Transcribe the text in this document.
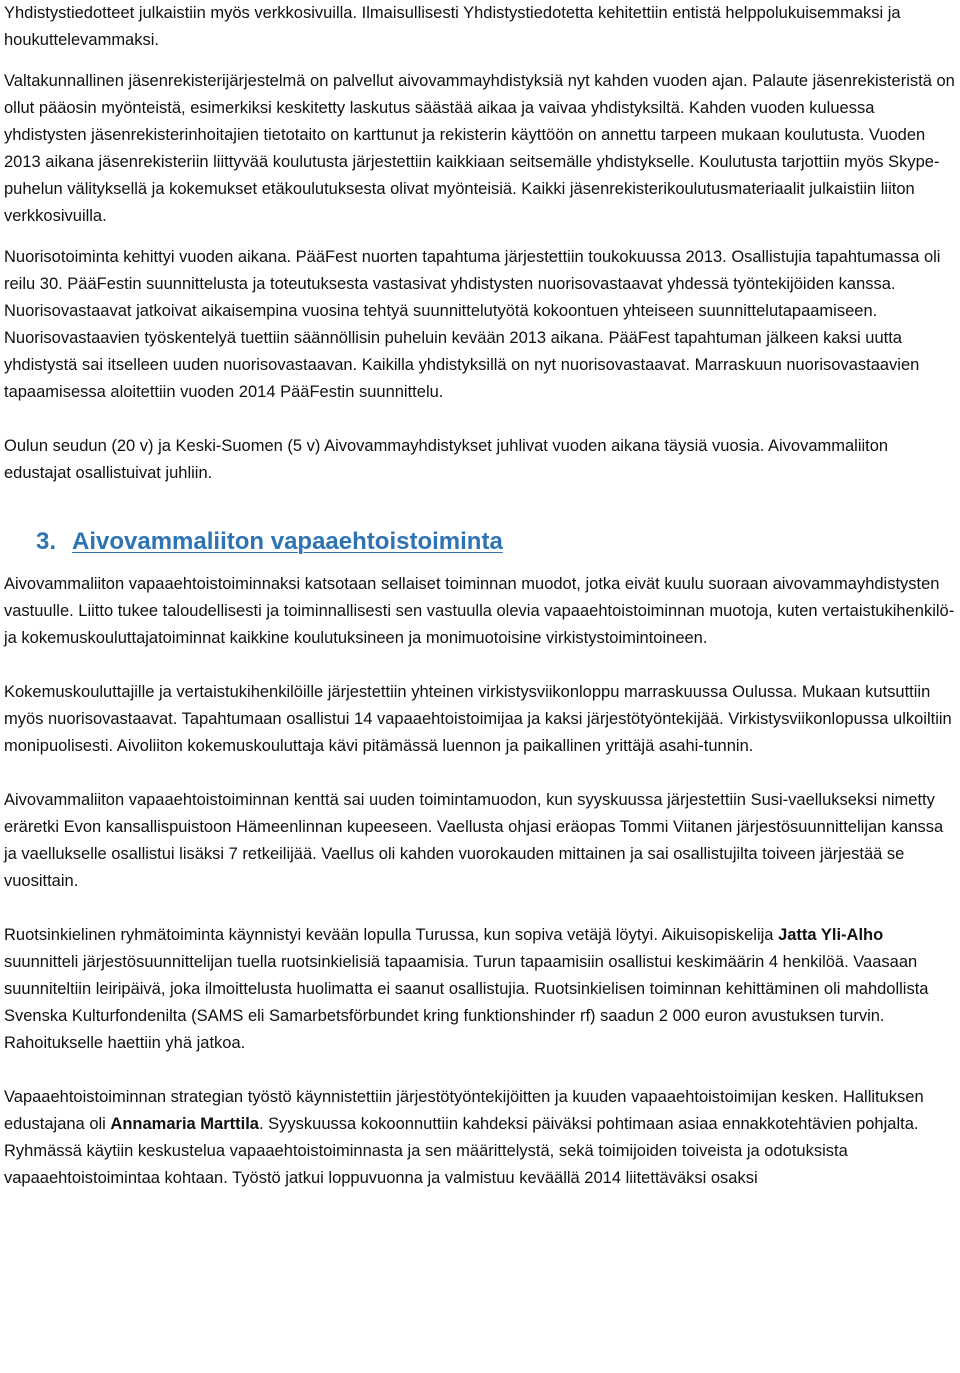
Yhdistystiedotteet julkaistiin myös verkkosivuilla. Ilmaisullisesti Yhdistystiedotetta kehitettiin entistä helppolukuisemmaksi ja houkuttelevammaksi.

Valtakunnallinen jäsenrekisterijärjestelmä on palvellut aivovammayhdistyksiä nyt kahden vuoden ajan. Palaute jäsenrekisteristä on ollut pääosin myönteistä, esimerkiksi keskitetty laskutus säästää aikaa ja vaivaa yhdistyksiltä. Kahden vuoden kuluessa yhdistysten jäsenrekisterinhoitajien tietotaito on karttunut ja rekisterin käyttöön on annettu tarpeen mukaan koulutusta. Vuoden 2013 aikana jäsenrekisteriin liittyvää koulutusta järjestettiin kaikkiaan seitsemälle yhdistykselle. Koulutusta tarjottiin myös Skype-puhelun välityksellä ja kokemukset etäkoulutuksesta olivat myönteisiä. Kaikki jäsenrekisterikoulutusmateriaalit julkaistiin liiton verkkosivuilla.

Nuorisotoiminta kehittyi vuoden aikana. PääFest nuorten tapahtuma järjestettiin toukokuussa 2013. Osallistujia tapahtumassa oli reilu 30. PääFestin suunnittelusta ja toteutuksesta vastasivat yhdistysten nuorisovastaavat yhdessä työntekijöiden kanssa. Nuorisovastaavat jatkoivat aikaisempina vuosina tehtyä suunnittelutyötä kokoontuen yhteiseen suunnittelutapaamiseen. Nuorisovastaavien työskentelyä tuettiin säännöllisin puheluin kevään 2013 aikana. PääFest tapahtuman jälkeen kaksi uutta yhdistystä sai itselleen uuden nuorisovastaavan. Kaikilla yhdistyksillä on nyt nuorisovastaavat. Marraskuun nuorisovastaavien tapaamisessa aloitettiin vuoden 2014 PääFestin suunnittelu.

Oulun seudun (20 v) ja Keski-Suomen (5 v) Aivovammayhdistykset juhlivat vuoden aikana täysiä vuosia. Aivovammaliiton edustajat osallistuivat juhliin.

3. Aivovammaliiton vapaaehtoistoiminta

Aivovammaliiton vapaaehtoistoiminnaksi katsotaan sellaiset toiminnan muodot, jotka eivät kuulu suoraan aivovammayhdistysten vastuulle. Liitto tukee taloudellisesti ja toiminnallisesti sen vastuulla olevia vapaaehtoistoiminnan muotoja, kuten vertaistukihenkilö- ja kokemuskouluttajatoiminnat kaikkine koulutuksineen ja monimuotoisine virkistystoimintoineen.

Kokemuskouluttajille ja vertaistukihenkilöille järjestettiin yhteinen virkistysviikonloppu marraskuussa Oulussa. Mukaan kutsuttiin myös nuorisovastaavat. Tapahtumaan osallistui 14 vapaaehtoistoimijaa ja kaksi järjestötyöntekijää. Virkistysviikonlopussa ulkoiltiin monipuolisesti. Aivoliiton kokemuskouluttaja kävi pitämässä luennon ja paikallinen yrittäjä asahi-tunnin.

Aivovammaliiton vapaaehtoistoiminnan kenttä sai uuden toimintamuodon, kun syyskuussa järjestettiin Susi-vaellukseksi nimetty eräretki Evon kansallispuistoon Hämeenlinnan kupeeseen. Vaellusta ohjasi eräopas Tommi Viitanen järjestösuunnittelijan kanssa ja vaellukselle osallistui lisäksi 7 retkeilijää. Vaellus oli kahden vuorokauden mittainen ja sai osallistujilta toiveen järjestää se vuosittain.

Ruotsinkielinen ryhmätoiminta käynnistyi kevään lopulla Turussa, kun sopiva vetäjä löytyi. Aikuisopiskelija Jatta Yli-Alho suunnitteli järjestösuunnittelijan tuella ruotsinkielisiä tapaamisia. Turun tapaamisiin osallistui keskimäärin 4 henkilöä. Vaasaan suunniteltiin leiripäivä, joka ilmoittelusta huolimatta ei saanut osallistujia. Ruotsinkielisen toiminnan kehittäminen oli mahdollista Svenska Kulturfondenilta (SAMS eli Samarbetsförbundet kring funktionshinder rf) saadun 2 000 euron avustuksen turvin. Rahoitukselle haettiin yhä jatkoa.

Vapaaehtoistoiminnan strategian työstö käynnistettiin järjestötyöntekijöitten ja kuuden vapaaehtoistoimijan kesken. Hallituksen edustajana oli Annamaria Marttila. Syyskuussa kokoonnuttiin kahdeksi päiväksi pohtimaan asiaa ennakkotehtävien pohjalta. Ryhmässä käytiin keskustelua vapaaehtoistoiminnasta ja sen määrittelystä, sekä toimijoiden toiveista ja odotuksista vapaaehtoistoimintaa kohtaan. Työstö jatkui loppuvuonna ja valmistuu keväällä 2014 liitettäväksi osaksi
